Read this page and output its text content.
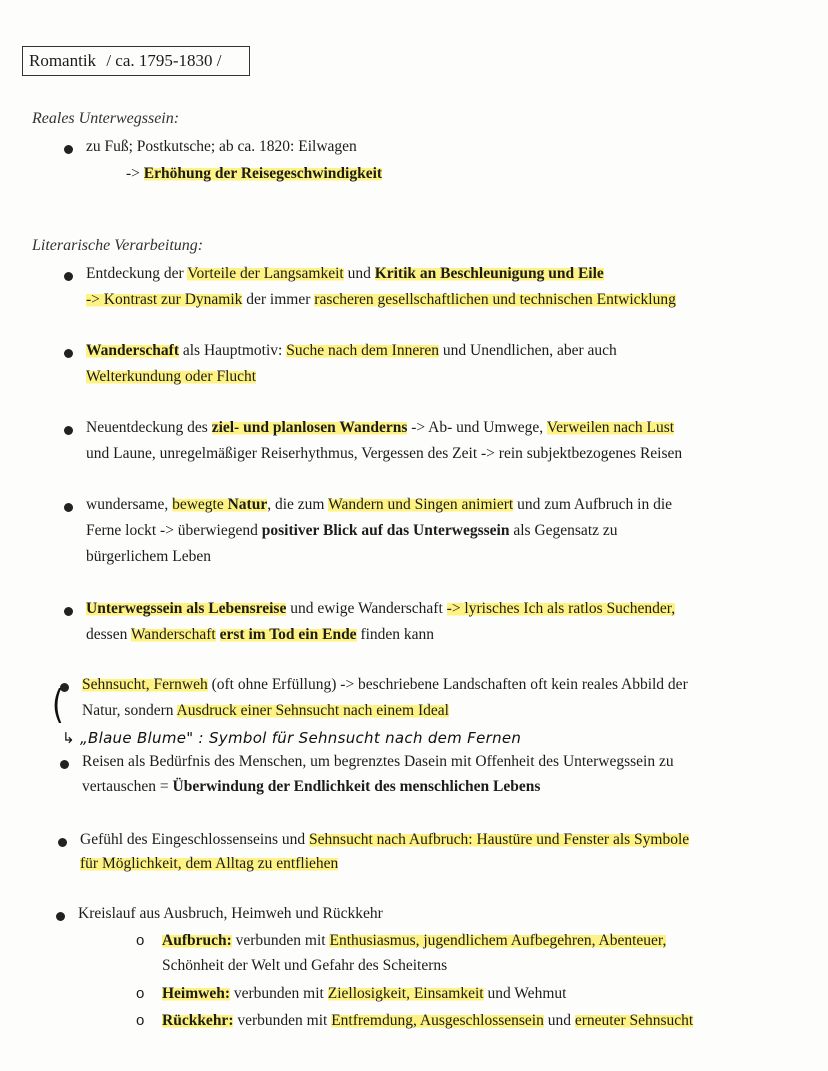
Romantik / ca. 1795-1830 /
Reales Unterwegssein:
zu Fuß; Postkutsche; ab ca. 1820: Eilwagen
-> Erhöhung der Reisegeschwindigkeit
Literarische Verarbeitung:
Entdeckung der Vorteile der Langsamkeit und Kritik an Beschleunigung und Eile
-> Kontrast zur Dynamik der immer rascheren gesellschaftlichen und technischen Entwicklung
Wanderschaft als Hauptmotiv: Suche nach dem Inneren und Unendlichen, aber auch
Welterkundung oder Flucht
Neuentdeckung des ziel- und planlosen Wanderns -> Ab- und Umwege, Verweilen nach Lust
und Laune, unregelmäßiger Reiserhythmus, Vergessen des Zeit -> rein subjektbezogenes Reisen
wundersame, bewegte Natur, die zum Wandern und Singen animiert und zum Aufbruch in die
Ferne lockt -> überwiegend positiver Blick auf das Unterwegssein als Gegensatz zu
bürgerlichem Leben
Unterwegssein als Lebensreise und ewige Wanderschaft -> lyrisches Ich als ratlos Suchender,
dessen Wanderschaft erst im Tod ein Ende finden kann
Sehnsucht, Fernweh (oft ohne Erfüllung) -> beschriebene Landschaften oft kein reales Abbild der
( Natur, sondern Ausdruck einer Sehnsucht nach einem Ideal
↳ „Blaue Blume" : Symbol für Sehnsucht nach dem Fernen
Reisen als Bedürfnis des Menschen, um begrenztes Dasein mit Offenheit des Unterwegssein zu
vertauschen = Überwindung der Endlichkeit des menschlichen Lebens
Gefühl des Eingeschlossenseins und Sehnsucht nach Aufbruch: Haustüre und Fenster als Symbole
für Möglichkeit, dem Alltag zu entfliehen
Kreislauf aus Ausbruch, Heimweh und Rückkehr
o Aufbruch: verbunden mit Enthusiasmus, jugendlichem Aufbegehren, Abenteuer,
Schönheit der Welt und Gefahr des Scheiterns
o Heimweh: verbunden mit Ziellosigkeit, Einsamkeit und Wehmut
o Rückkehr: verbunden mit Entfremdung, Ausgeschlossensein und erneuter Sehnsucht
